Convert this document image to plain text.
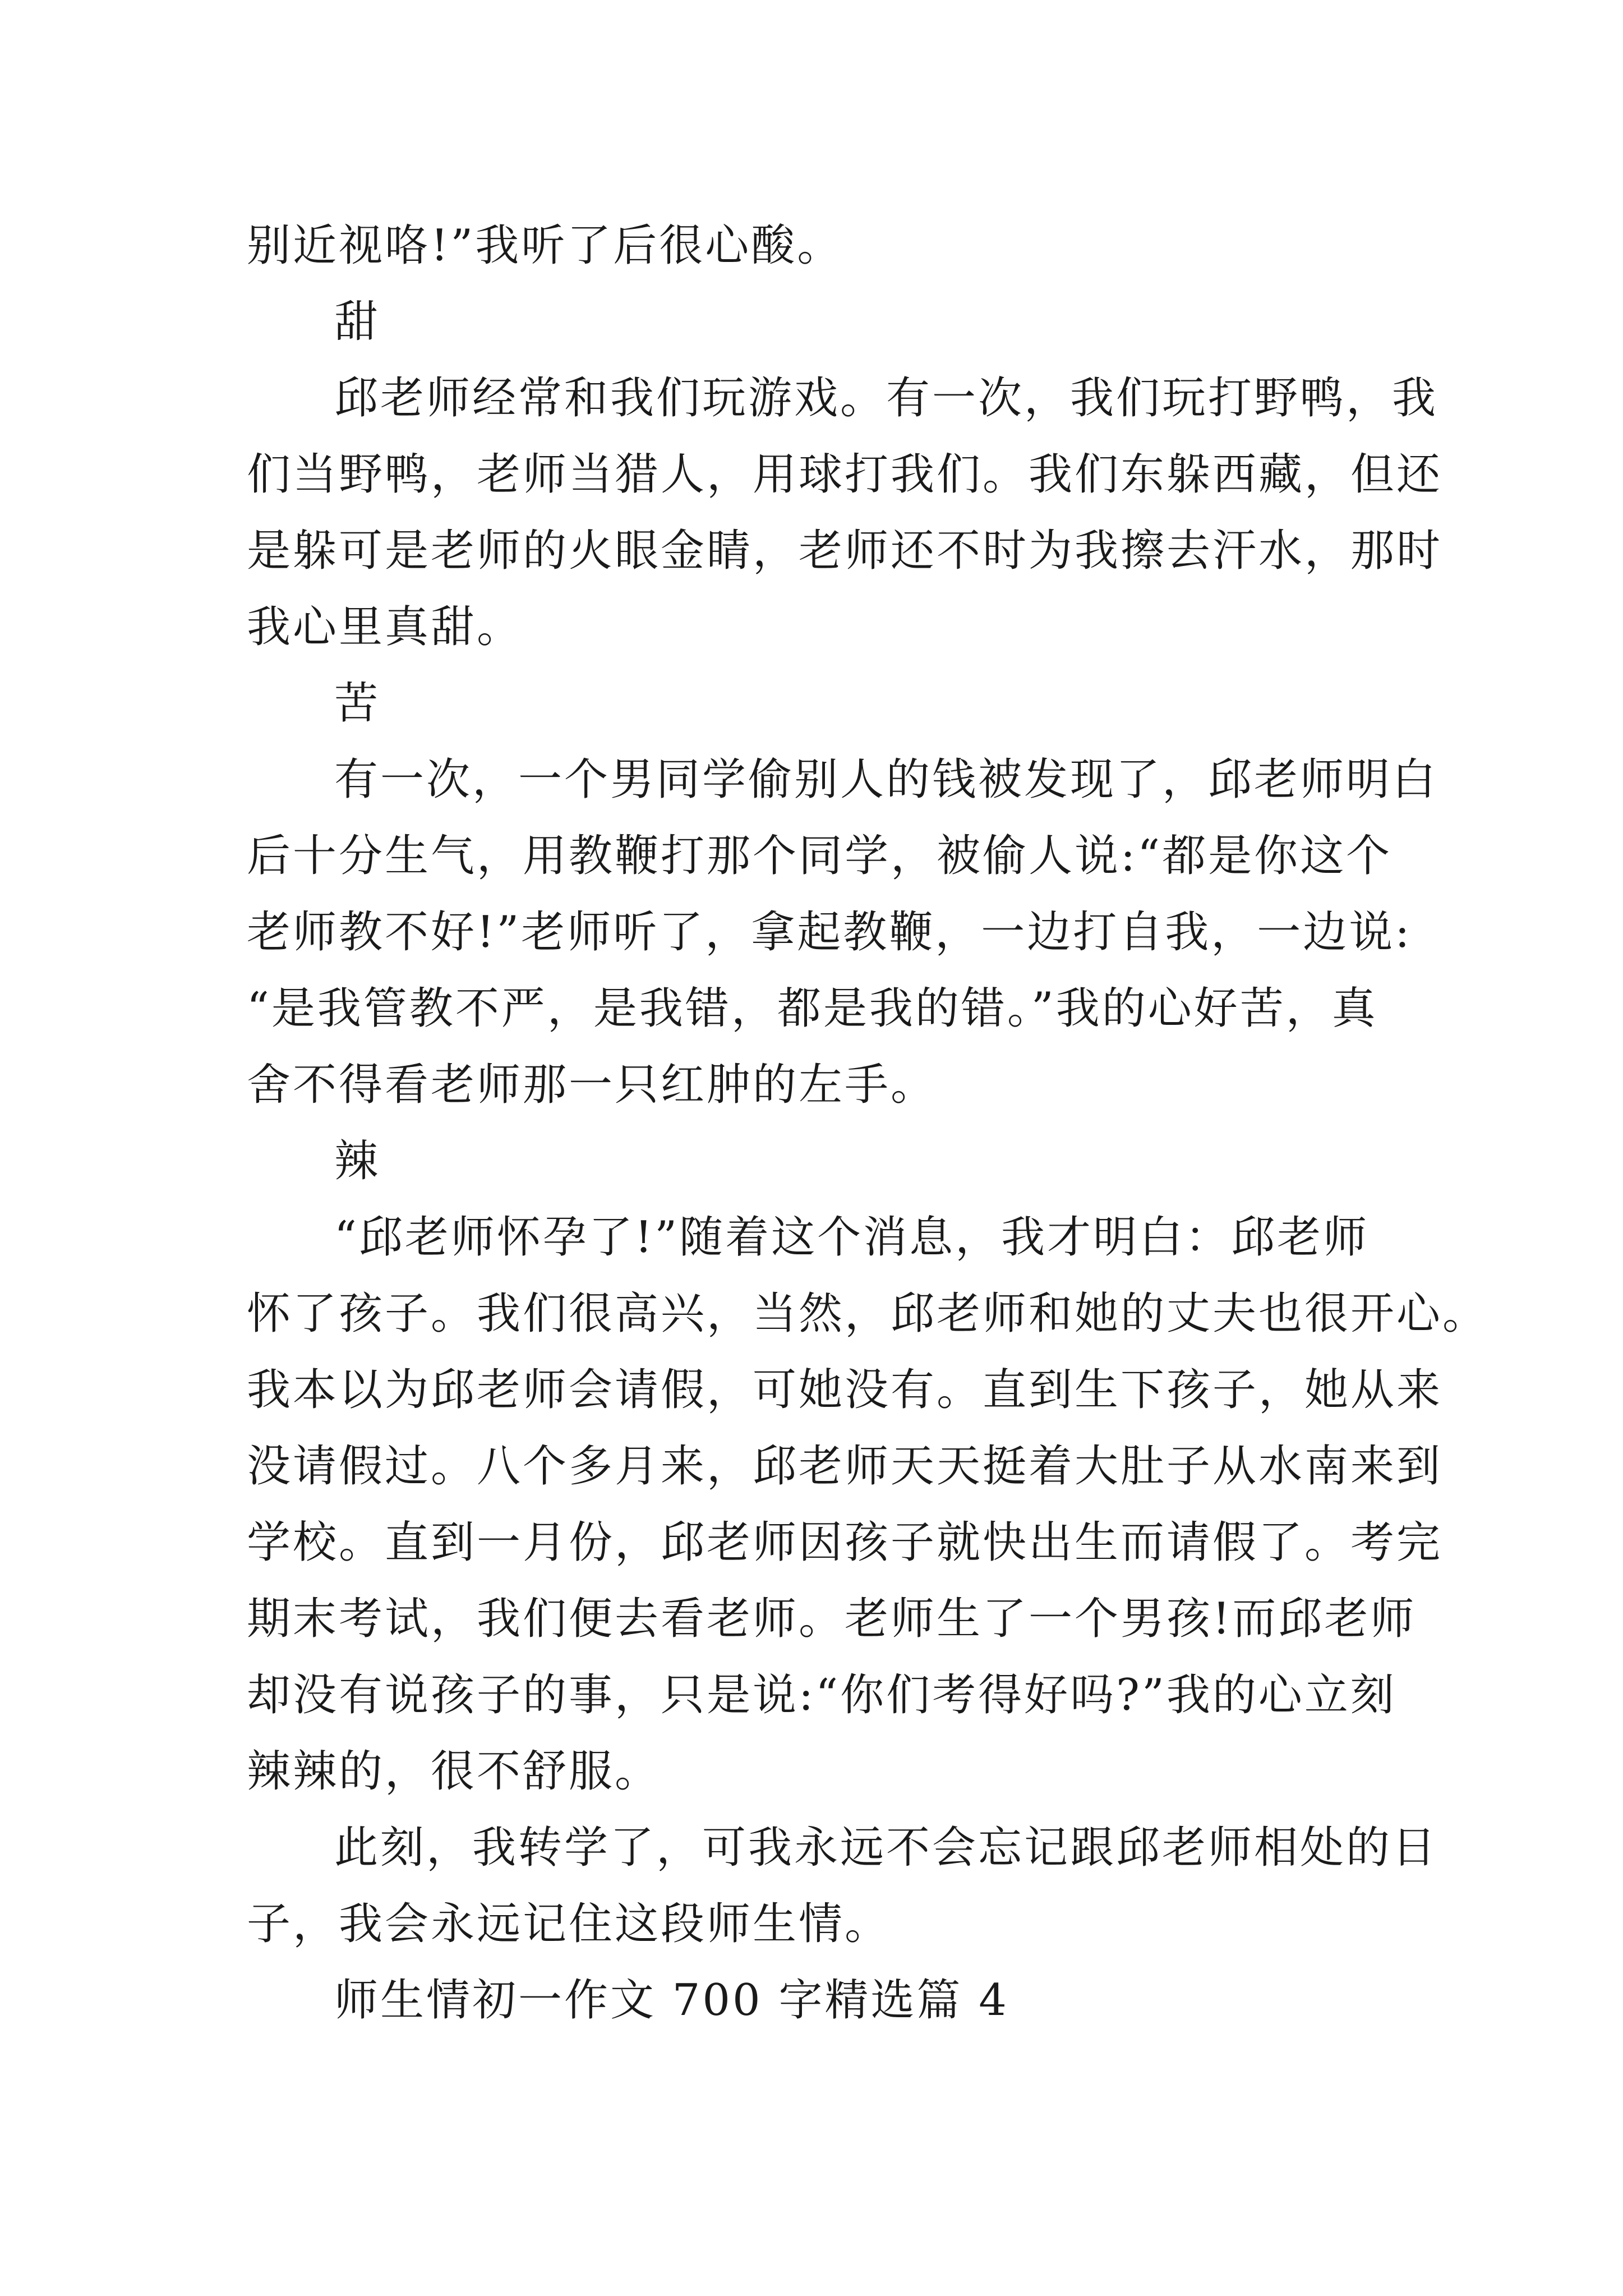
别近视咯!”我听了后很心酸。

甜

邱老师经常和我们玩游戏。有一次，我们玩打野鸭，我

们当野鸭，老师当猎人，用球打我们。我们东躲西藏，但还

是躲可是老师的火眼金睛，老师还不时为我擦去汗水，那时

我心里真甜。

苦

有一次，一个男同学偷别人的钱被发现了，邱老师明白

后十分生气，用教鞭打那个同学，被偷人说:“都是你这个

老师教不好!”老师听了，拿起教鞭，一边打自我，一边说:

“是我管教不严，是我错，都是我的错。”我的心好苦，真

舍不得看老师那一只红肿的左手。

辣

“邱老师怀孕了!”随着这个消息，我才明白：邱老师

怀了孩子。我们很高兴，当然，邱老师和她的丈夫也很开心。

我本以为邱老师会请假，可她没有。直到生下孩子，她从来

没请假过。八个多月来，邱老师天天挺着大肚子从水南来到

学校。直到一月份，邱老师因孩子就快出生而请假了。考完

期末考试，我们便去看老师。老师生了一个男孩!而邱老师

却没有说孩子的事，只是说:“你们考得好吗?”我的心立刻

辣辣的，很不舒服。

此刻，我转学了，可我永远不会忘记跟邱老师相处的日

子，我会永远记住这段师生情。

师生情初一作文 700 字精选篇 4
